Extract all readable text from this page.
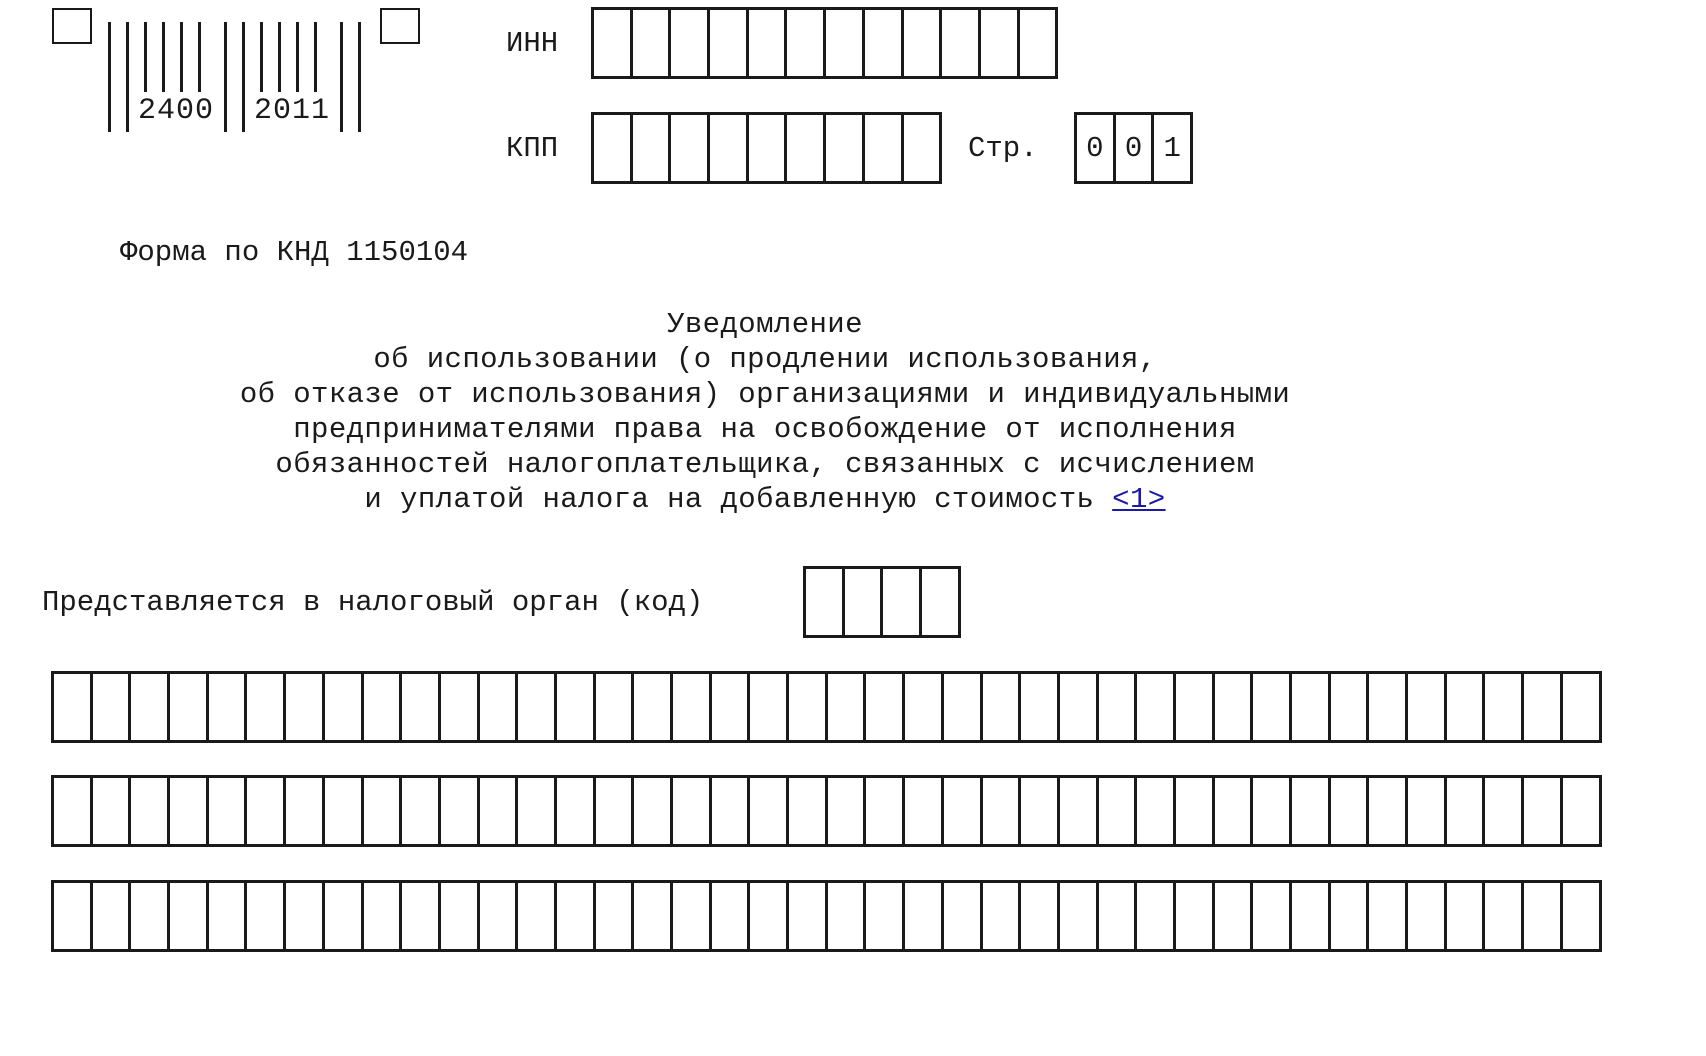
2400 2011
ИНН
КПП	Стр.	0 0 1
Форма по КНД 1150104
Уведомление
об использовании (о продлении использования,
об отказе от использования) организациями и индивидуальными
предпринимателями права на освобождение от исполнения
обязанностей налогоплательщика, связанных с исчислением
и уплатой налога на добавленную стоимость <1>
Представляется в налоговый орган (код)
